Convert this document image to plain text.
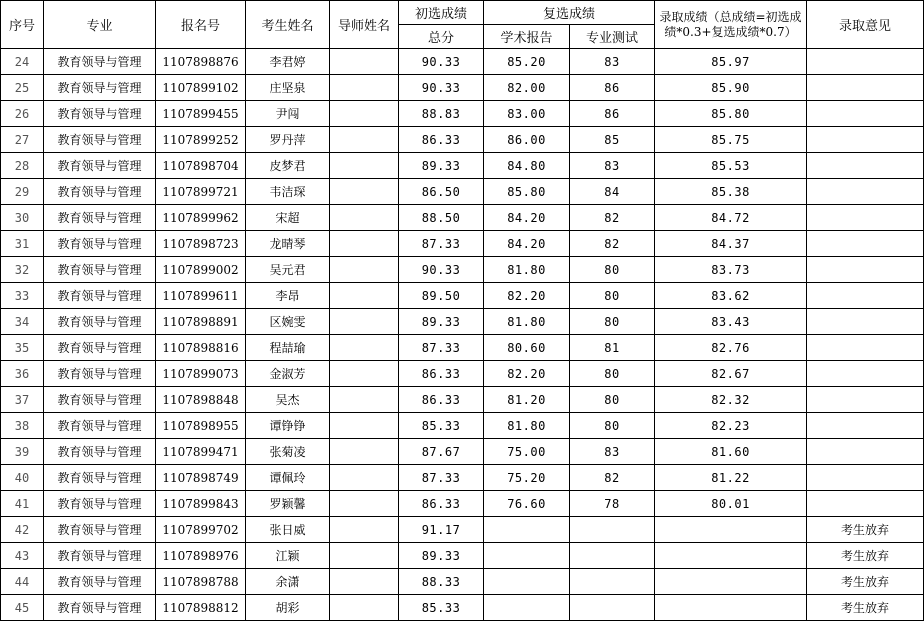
序号	专业	报名号	考生姓名	导师姓名	初选成绩	复选成绩		录取成绩（总成绩=初选成绩*0.3+复选成绩*0.7）	录取意见
					总分	学术报告	专业测试		
24	教育领导与管理	1107898876	李君婷		90.33	85.20	83	85.97	
25	教育领导与管理	1107899102	庄坚泉		90.33	82.00	86	85.90	
26	教育领导与管理	1107899455	尹闯		88.83	83.00	86	85.80	
27	教育领导与管理	1107899252	罗丹萍		86.33	86.00	85	85.75	
28	教育领导与管理	1107898704	皮梦君		89.33	84.80	83	85.53	
29	教育领导与管理	1107899721	韦洁琛		86.50	85.80	84	85.38	
30	教育领导与管理	1107899962	宋超		88.50	84.20	82	84.72	
31	教育领导与管理	1107898723	龙晴琴		87.33	84.20	82	84.37	
32	教育领导与管理	1107899002	吴元君		90.33	81.80	80	83.73	
33	教育领导与管理	1107899611	李昂		89.50	82.20	80	83.62	
34	教育领导与管理	1107898891	区婉雯		89.33	81.80	80	83.43	
35	教育领导与管理	1107898816	程喆瑜		87.33	80.60	81	82.76	
36	教育领导与管理	1107899073	金淑芳		86.33	82.20	80	82.67	
37	教育领导与管理	1107898848	吴杰		86.33	81.20	80	82.32	
38	教育领导与管理	1107898955	谭铮铮		85.33	81.80	80	82.23	
39	教育领导与管理	1107899471	张菊凌		87.67	75.00	83	81.60	
40	教育领导与管理	1107898749	谭佩玲		87.33	75.20	82	81.22	
41	教育领导与管理	1107899843	罗颖馨		86.33	76.60	78	80.01	
42	教育领导与管理	1107899702	张日威		91.17				考生放弃
43	教育领导与管理	1107898976	江颖		89.33				考生放弃
44	教育领导与管理	1107898788	余潇		88.33				考生放弃
45	教育领导与管理	1107898812	胡彩		85.33				考生放弃
